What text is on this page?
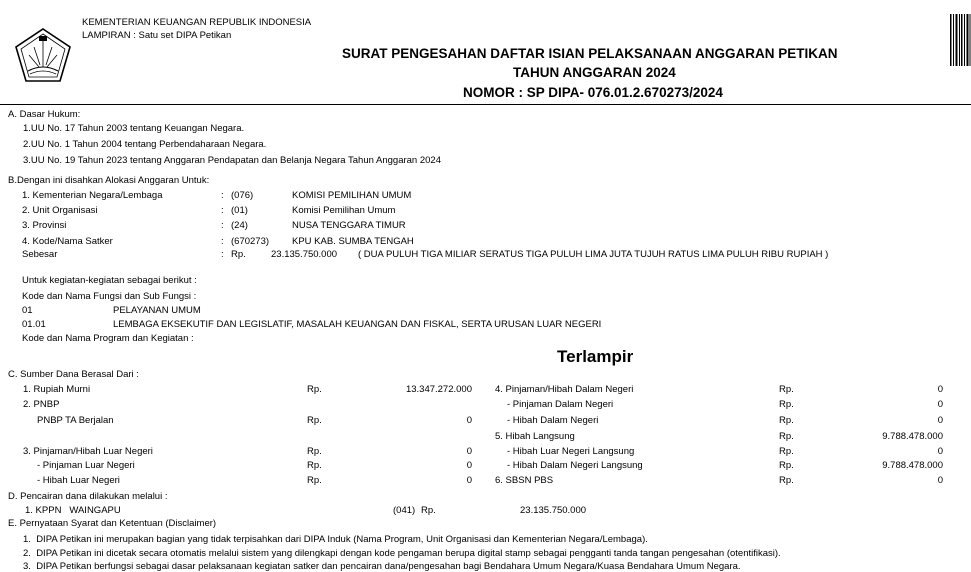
KEMENTERIAN KEUANGAN REPUBLIK INDONESIA
LAMPIRAN : Satu set DIPA Petikan
SURAT PENGESAHAN DAFTAR ISIAN PELAKSANAAN ANGGARAN PETIKAN
TAHUN ANGGARAN 2024
NOMOR : SP DIPA- 076.01.2.670273/2024
A. Dasar Hukum:
1.UU No. 17 Tahun 2003 tentang Keuangan Negara.
2.UU No. 1 Tahun 2004 tentang Perbendaharaan Negara.
3.UU No. 19 Tahun 2023 tentang Anggaran Pendapatan dan Belanja Negara Tahun Anggaran 2024
B.Dengan ini disahkan Alokasi Anggaran Untuk:
1. Kementerian Negara/Lembaga	: (076)	KOMISI PEMILIHAN UMUM
2. Unit Organisasi	: (01)	Komisi Pemilihan Umum
3. Provinsi	: (24)	NUSA TENGGARA TIMUR
4. Kode/Nama Satker	: (670273) KPU KAB. SUMBA TENGAH
Sebesar	: Rp.	23.135.750.000 ( DUA PULUH TIGA MILIAR SERATUS TIGA PULUH LIMA JUTA TUJUH RATUS LIMA PULUH RIBU RUPIAH )
Untuk kegiatan-kegiatan sebagai berikut :
Kode dan Nama Fungsi dan Sub Fungsi :
01	PELAYANAN UMUM
01.01	LEMBAGA EKSEKUTIF DAN LEGISLATIF, MASALAH KEUANGAN DAN FISKAL, SERTA URUSAN LUAR NEGERI
Kode dan Nama Program dan Kegiatan :
Terlampir
C. Sumber Dana Berasal Dari :
1. Rupiah Murni	Rp.	13.347.272.000
2. PNBP
PNBP TA Berjalan	Rp.	0
3. Pinjaman/Hibah Luar Negeri	Rp.	0
- Pinjaman Luar Negeri	Rp.	0
- Hibah Luar Negeri	Rp.	0
4. Pinjaman/Hibah Dalam Negeri	Rp.	0
- Pinjaman Dalam Negeri	Rp.	0
- Hibah Dalam Negeri	Rp.	0
5. Hibah Langsung	Rp.	9.788.478.000
- Hibah Luar Negeri Langsung	Rp.	0
- Hibah Dalam Negeri Langsung	Rp.	9.788.478.000
6. SBSN PBS	Rp.	0
D. Pencairan dana dilakukan melalui :
1. KPPN   WAINGAPU	(041) Rp.	23.135.750.000
E. Pernyataan Syarat dan Ketentuan (Disclaimer)
1.  DIPA Petikan ini merupakan bagian yang tidak terpisahkan dari DIPA Induk (Nama Program, Unit Organisasi dan Kementerian Negara/Lembaga).
2.  DIPA Petikan ini dicetak secara otomatis melalui sistem yang dilengkapi dengan kode pengaman berupa digital stamp sebagai pengganti tanda tangan pengesahan (otentifikasi).
3.  DIPA Petikan berfungsi sebagai dasar pelaksanaan kegiatan satker dan pencairan dana/pengesahan bagi Bendahara Umum Negara/Kuasa Bendahara Umum Negara.
